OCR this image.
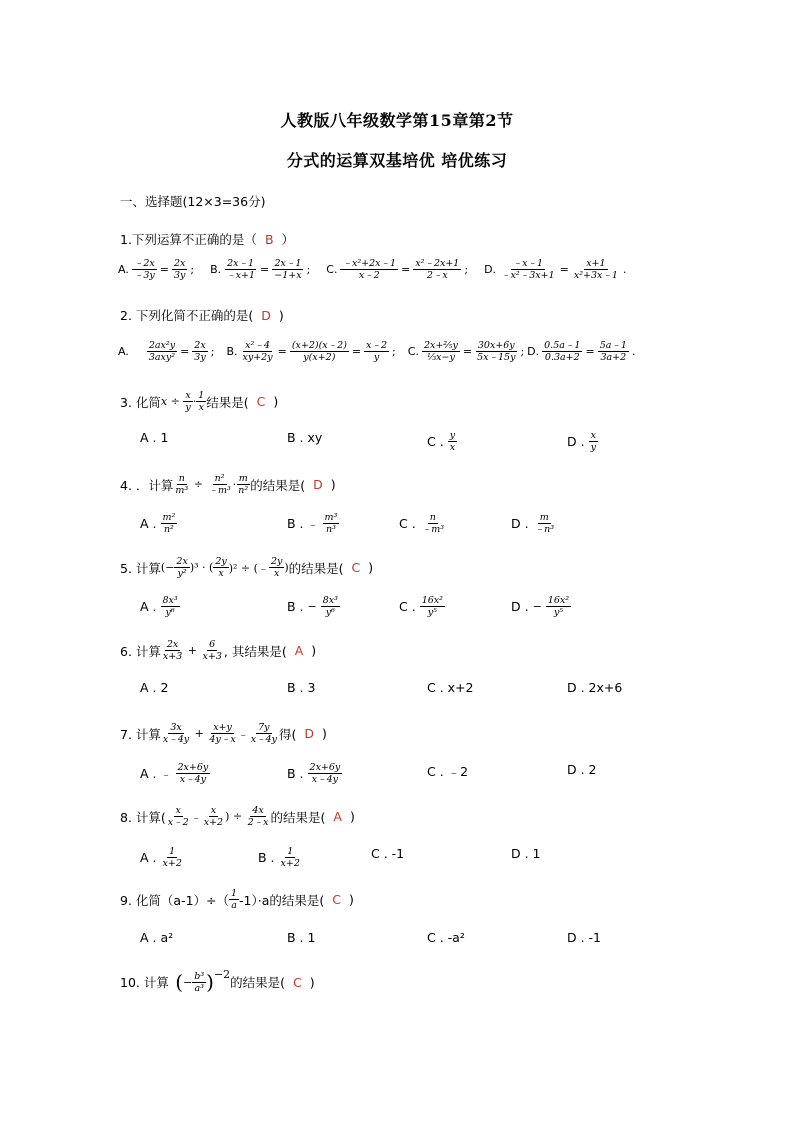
人教版八年级数学第15章第2节
分式的运算双基培优 培优练习
一、选择题(12×3=36分)
1.下列运算不正确的是（ B ）
A. $\frac{﹣2x}{﹣3y} = \frac{2x}{3y}$ ; B. $\frac{2x﹣1}{﹣x+1} = \frac{2x﹣1}{-1+x}$ ; C. $\frac{\text{﹣x²+2x﹣1}}{x﹣2} = \frac{\text{x²﹣2x+1}}{2﹣x}$ ; D. $\frac{﹣x﹣1}{\text{﹣x²﹣3x+1}} = \frac{x+1}{\text{x²+3x﹣1}}$ .
2. 下列化简不正确的是( D )
A. $\frac{\text{2ax²y}}{\text{3axy²}} = \frac{2x}{3y}$ ; B. $\frac{\text{x²﹣4}}{xy+2y} = \frac{(x+2)(x﹣2)}{y(x+2)} = \frac{x﹣2}{y}$ ; C. $\frac{\text{2x+⅖y}}{\text{⅓x−y}} = \frac{30x+6y}{5x﹣15y}$ ; D. $\frac{0.5a﹣1}{0.3a+2} = \frac{5a﹣1}{3a+2}$ .
3. 化简 $x \div \frac{x}{y} \cdot \frac{1}{x}$ 结果是( C )
A . 1	B . xy	C . $\frac{y}{x}$	D . $\frac{x}{y}$
4. ．计算 $\frac{n}{\text{m³}} \div \frac{\text{n²}}{\text{﹣m³}} \cdot \frac{m}{\text{n²}}$ 的结果是( D )
A . $\frac{\text{m²}}{\text{n²}}$	B . ﹣ $\frac{\text{m³}}{\text{n³}}$	C . $\frac{n}{\text{﹣m³}}$	D . $\frac{m}{\text{﹣n³}}$
5. 计算 (− $\frac{2x}{\text{y²}} )^3$ · ( $\frac{2y}{x} )^2$ ÷ (﹣ $\frac{2y}{x}$ ) 的结果是( C )
A . $\frac{\text{8x³}}{\text{y⁶}}$	B . − $\frac{\text{8x³}}{\text{y⁶}}$	C . $\frac{\text{16x²}}{\text{y⁵}}$	D . − $\frac{\text{16x²}}{\text{y⁵}}$
6. 计算 $\frac{2x}{x+3} + \frac{6}{x+3}$ , 其结果是( A )
A . 2	B . 3	C . x+2	D . 2x+6
7. 计算 $\frac{3x}{x﹣4y} + \frac{x+y}{4y﹣x}$ ﹣ $\frac{7y}{x﹣4y}$ 得( D )
A . ﹣ $\frac{2x+6y}{x﹣4y}$	B . $\frac{2x+6y}{x﹣4y}$	C . ﹣2	D . 2
8. 计算( $\frac{x}{x﹣2}$ ﹣ $\frac{x}{x+2}$ ) ÷ $\frac{4x}{2﹣x}$ 的结果是( A )
A . $\frac{1}{x+2}$	B . $\frac{1}{x+2}$	C . -1	D . 1
9. 化简$(a-1)\div( \frac{1}{a} -1)\cdot a$的结果是( C )
A . a²	B . 1	C . -a²	D . -1
10. 计算 ( − $\frac{\text{b³}}{\text{a³}}$ ) −2
的结果是( C )
